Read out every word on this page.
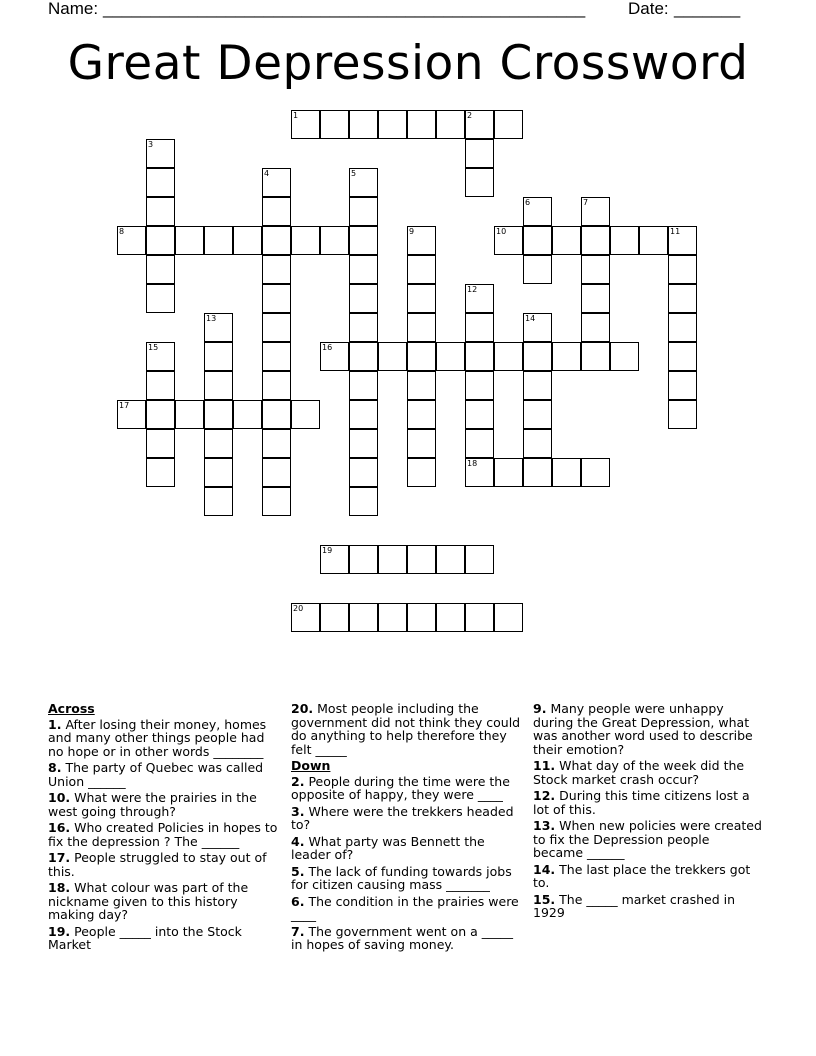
Name: ___________________________________________________	Date: _______
Great Depression Crossword
1	2
8	10	11
16
17
18
19
20
3
4	5
6	7
9
12
13	14
15
Across
1. After losing their money, homes and many other things people had no hope or in other words ________
8. The party of Quebec was called Union ______
10. What were the prairies in the west going through?
16. Who created Policies in hopes to fix the depression ? The ______
17. People struggled to stay out of this.
18. What colour was part of the nickname given to this history making day?
19. People _____ into the Stock Market
20. Most people including the government did not think they could do anything to help therefore they felt _____
Down
2. People during the time were the opposite of happy, they were ____
3. Where were the trekkers headed to?
4. What party was Bennett the leader of?
5. The lack of funding towards jobs for citizen causing mass _______
6. The condition in the prairies were ____
7. The government went on a _____ in hopes of saving money.
9. Many people were unhappy during the Great Depression, what was another word used to describe their emotion?
11. What day of the week did the Stock market crash occur?
12. During this time citizens lost a lot of this.
13. When new policies were created to fix the Depression people became ______
14. The last place the trekkers got to.
15. The _____ market crashed in 1929
